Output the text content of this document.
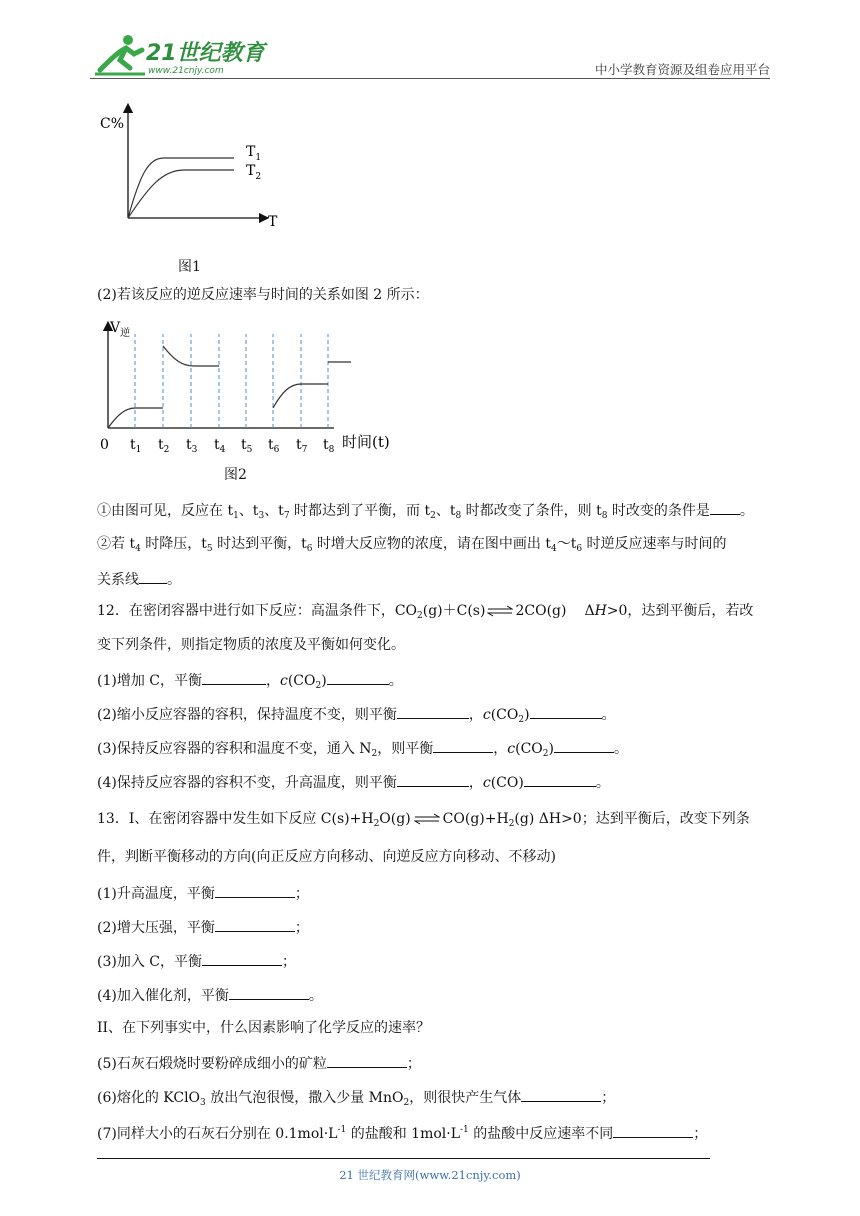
21世纪教育
www.21cnjy.com	中小学教育资源及组卷应用平台
C%
T
$T_1$
$T_2$
图1
(2)若该反应的逆反应速率与时间的关系如图 2 所示：
$V_逆$
0 $t_1$ $t_2$ $t_3$ $t_4$ $t_5$ $t_6$ $t_7$ $t_8$ 时间(t)
图2
①由图可见，反应在 $t_1$、$t_3$、$t_7$ 时都达到了平衡，而 $t_2$、$t_8$ 时都改变了条件，则 $t_8$ 时改变的条件是 。
②若 $t_4$ 时降压，$t_5$ 时达到平衡，$t_6$ 时增大反应物的浓度，请在图中画出 $t_4\sim t_6$ 时逆反应速率与时间的
关系线 。
12．在密闭容器中进行如下反应：高温条件下，$CO_2(g)+C(s)$ ⇌ 2CO(g) ΔH>0，达到平衡后，若改
变下列条件，则指定物质的浓度及平衡如何变化。
(1)增加 C，平衡	，$c(CO_2)$	。
(2)缩小反应容器的容积，保持温度不变，则平衡	，$c(CO_2)$	。
(3)保持反应容器的容积和温度不变，通入 $N_2$，则平衡	，$c(CO_2)$	。
(4)保持反应容器的容积不变，升高温度，则平衡	，c(CO)	。
13．I、在密闭容器中发生如下反应 $C(s)+H_2O(g)$ ⇌ $CO(g)+H_2(g)$ ΔH>0；达到平衡后，改变下列条
件，判断平衡移动的方向(向正反应方向移动、向逆反应方向移动、不移动)
(1)升高温度，平衡	；
(2)增大压强，平衡	；
(3)加入 C，平衡	；
(4)加入催化剂，平衡	。
II、在下列事实中，什么因素影响了化学反应的速率？
(5)石灰石煅烧时要粉碎成细小的矿粒	；
(6)熔化的 KClO$_3$ 放出气泡很慢，撒入少量 MnO$_2$，则很快产生气体	；
(7)同样大小的石灰石分别在 $0.1mol\cdot L^{-1}$ 的盐酸和 $1mol\cdot L^{-1}$ 的盐酸中反应速率不同	；
21 世纪教育网(www.21cnjy.com)
